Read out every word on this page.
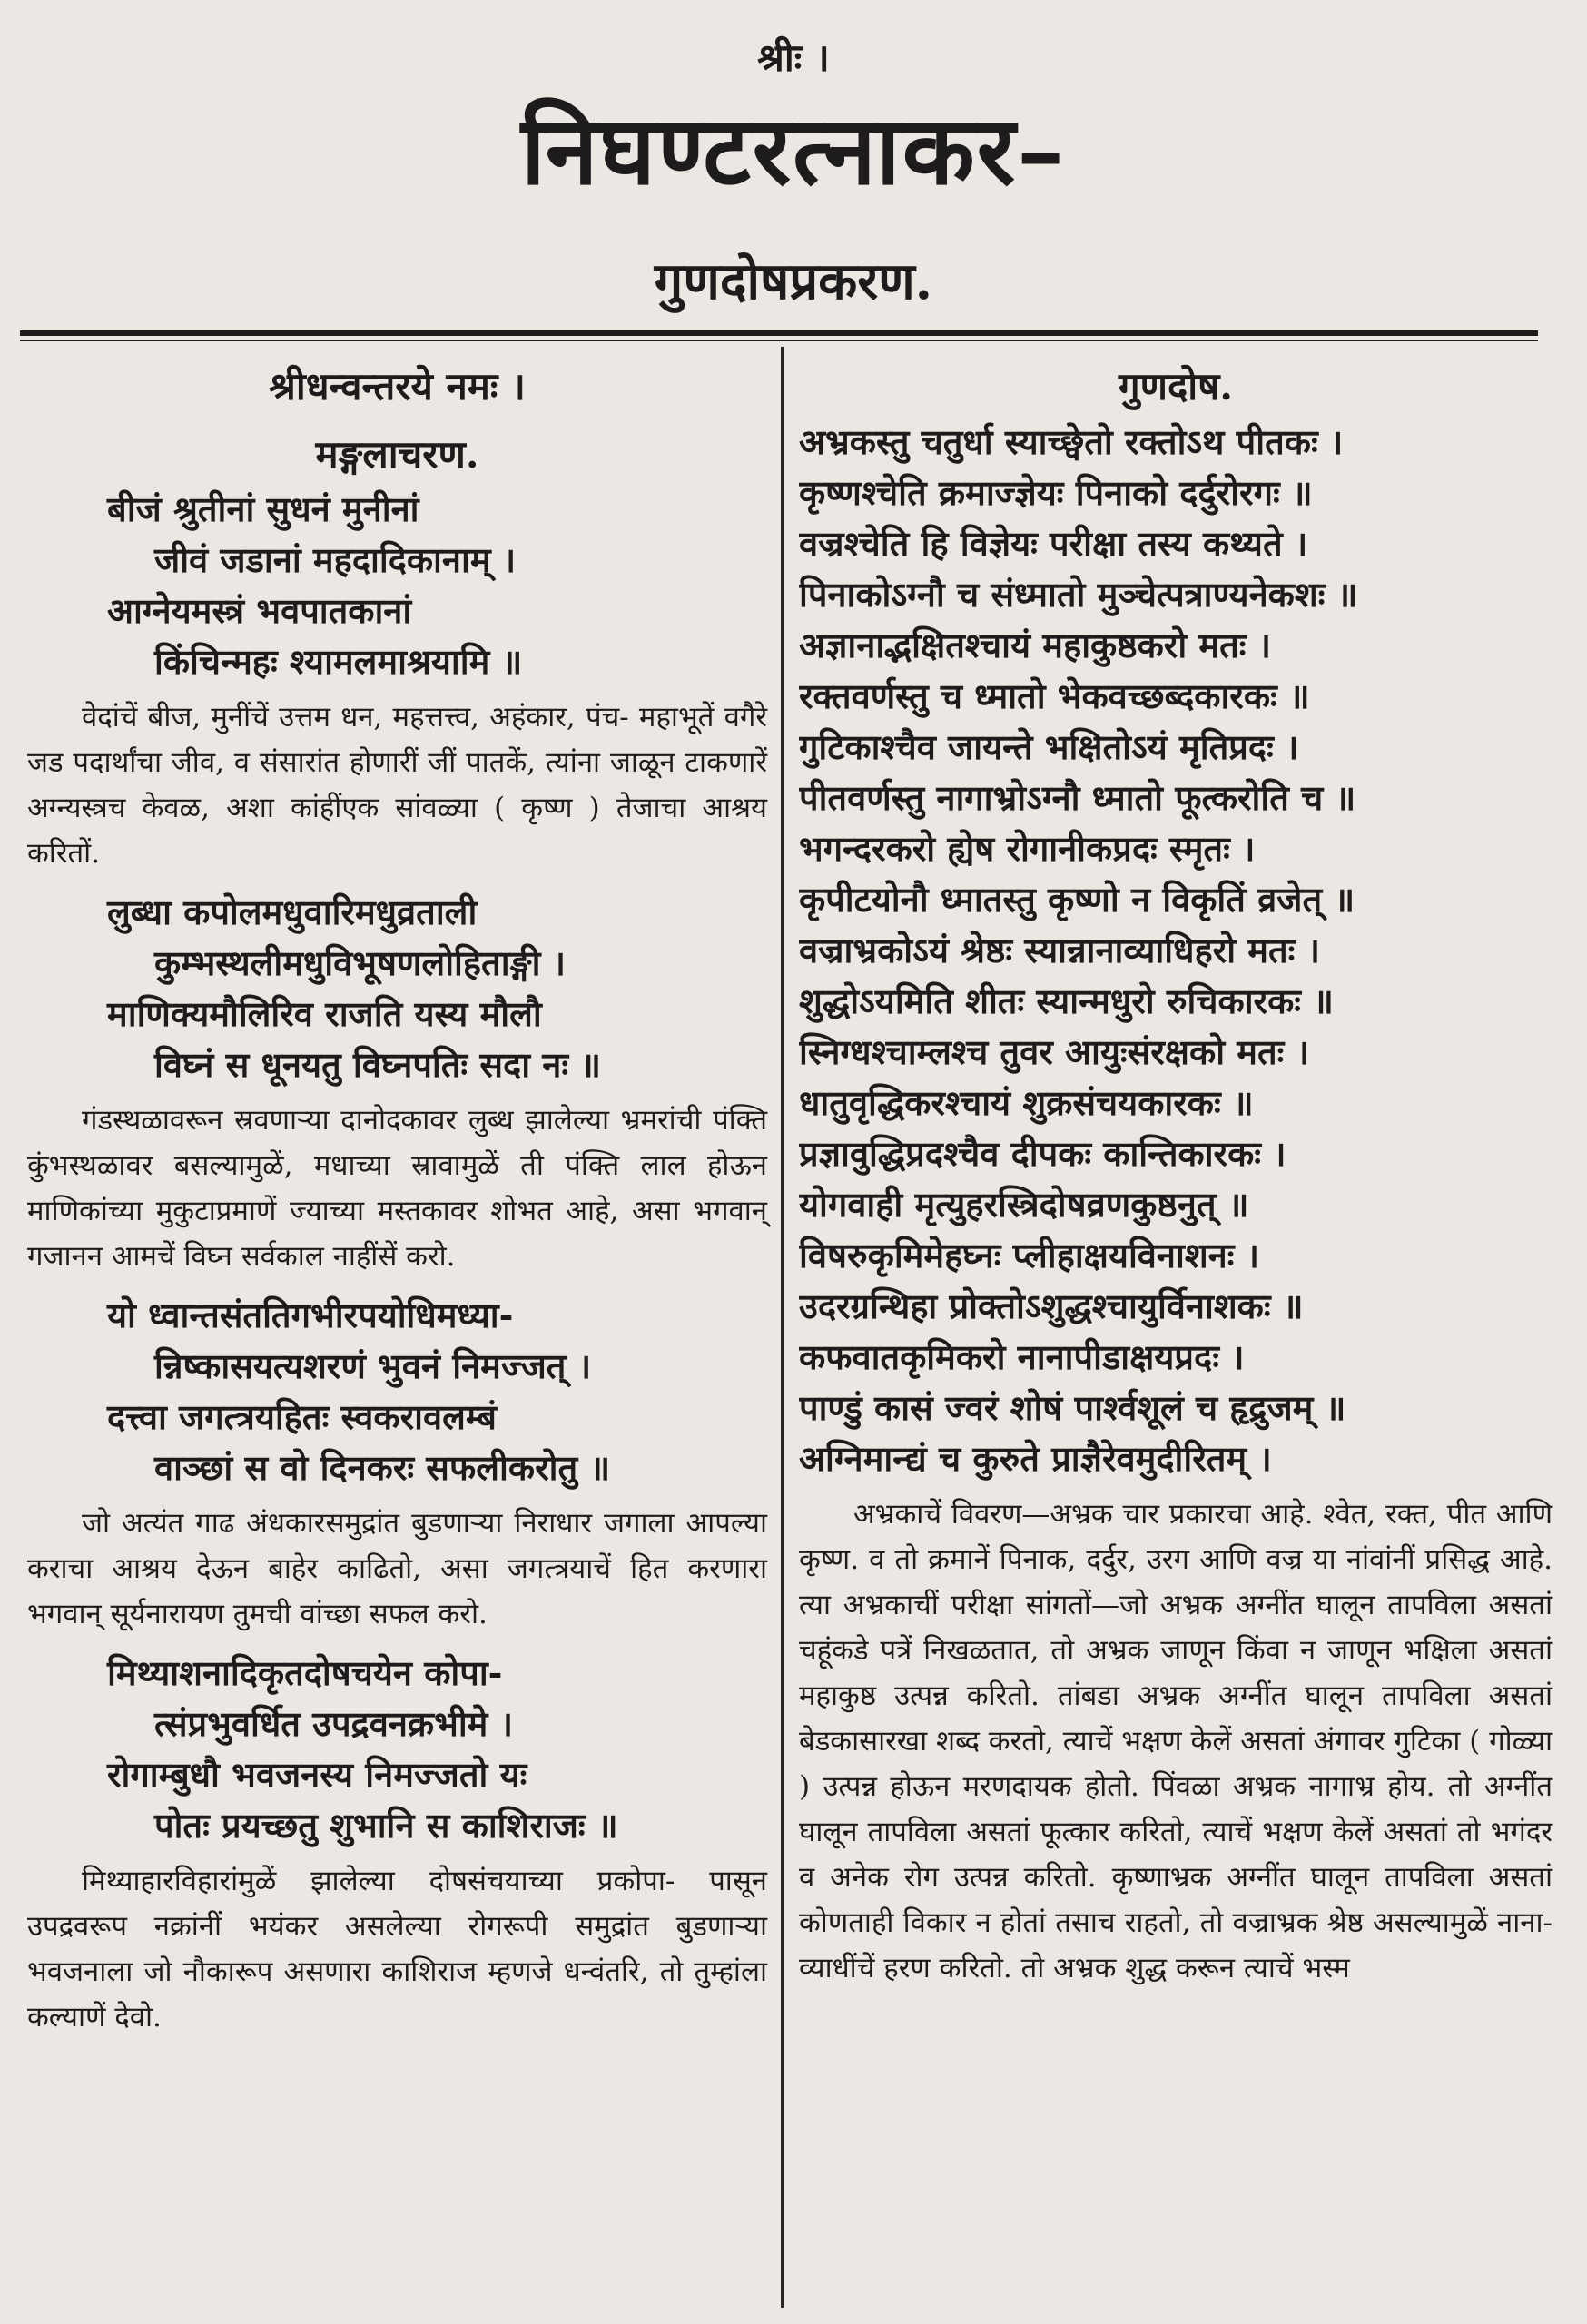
श्रीः ।
निघण्टरत्नाकर–
गुणदोषप्रकरण.
श्रीधन्वन्तरये नमः ।
मङ्गलाचरण.
बीजं श्रुतीनां सुधनं मुनीनां
जीवं जडानां महदादिकानाम् ।
आग्नेयमस्त्रं भवपातकानां
किंचिन्महः श्यामलमाश्रयामि ॥

वेदांचें बीज, मुनींचें उत्तम धन, महत्तत्त्व, अहंकार, पंच- महाभूतें वगैरे जड पदार्थांचा जीव, व संसारांत होणारीं जीं पातकें, त्यांना जाळून टाकणारें अग्न्यस्त्रच केवळ, अशा कांहींएक सांवळ्या ( कृष्ण ) तेजाचा आश्रय करितों.

लुब्धा कपोलमधुवारिमधुव्रताली
कुम्भस्थलीमधुविभूषणलोहिताङ्गी ।
माणिक्यमौलिरिव राजति यस्य मौलौ
विघ्नं स धूनयतु विघ्नपतिः सदा नः ॥

गंडस्थळावरून स्रवणाऱ्या दानोदकावर लुब्ध झालेल्या भ्रमरांची पंक्ति कुंभस्थळावर बसल्यामुळें, मधाच्या स्रावामुळें ती पंक्ति लाल होऊन माणिकांच्या मुकुटाप्रमाणें ज्याच्या मस्तकावर शोभत आहे, असा भगवान् गजानन आमचें विघ्न सर्वकाल नाहींसें करो.

यो ध्वान्तसंततिगभीरपयोधिमध्या-
न्निष्कासयत्यशरणं भुवनं निमज्जत् ।
दत्त्वा जगत्त्रयहितः स्वकरावलम्बं
वाञ्छां स वो दिनकरः सफलीकरोतु ॥

जो अत्यंत गाढ अंधकारसमुद्रांत बुडणाऱ्या निराधार जगाला आपल्या कराचा आश्रय देऊन बाहेर काढितो, असा जगत्त्रयाचें हित करणारा भगवान् सूर्यनारायण तुमची वांच्छा सफल करो.

मिथ्याशनादिकृतदोषचयेन कोपा-
त्संप्रभुवर्धित उपद्रवनक्रभीमे ।
रोगाम्बुधौ भवजनस्य निमज्जतो यः
पोतः प्रयच्छतु शुभानि स काशिराजः ॥

मिथ्याहारविहारांमुळें झालेल्या दोषसंचयाच्या प्रकोपा- पासून उपद्रवरूप नक्रांनीं भयंकर असलेल्या रोगरूपी समुद्रांत बुडणाऱ्या भवजनाला जो नौकारूप असणारा काशिराज म्हणजे धन्वंतरि, तो तुम्हांला कल्याणें देवो.

गुणदोष.
अभ्रकस्तु चतुर्धा स्याच्छ्वेतो रक्तोऽथ पीतकः ।
कृष्णश्चेति क्रमाज्ज्ञेयः पिनाको दर्दुरोरगः ॥
वज्रश्चेति हि विज्ञेयः परीक्षा तस्य कथ्यते ।
पिनाकोऽग्नौ च संध्मातो मुञ्चेत्पत्राण्यनेकशः ॥
अज्ञानाद्भक्षितश्चायं महाकुष्ठकरो मतः ।
रक्तवर्णस्तु च ध्मातो भेकवच्छब्दकारकः ॥
गुटिकाश्चैव जायन्ते भक्षितोऽयं मृतिप्रदः ।
पीतवर्णस्तु नागाभ्रोऽग्नौ ध्मातो फूत्करोति च ॥
भगन्दरकरो ह्येष रोगानीकप्रदः स्मृतः ।
कृपीटयोनौ ध्मातस्तु कृष्णो न विकृतिं व्रजेत् ॥
वज्राभ्रकोऽयं श्रेष्ठः स्यान्नानाव्याधिहरो मतः ।
शुद्धोऽयमिति शीतः स्यान्मधुरो रुचिकारकः ॥
स्निग्धश्चाम्लश्च तुवर आयुःसंरक्षको मतः ।
धातुवृद्धिकरश्चायं शुक्रसंचयकारकः ॥
प्रज्ञावुद्धिप्रदश्चैव दीपकः कान्तिकारकः ।
योगवाही मृत्युहरस्त्रिदोषव्रणकुष्ठनुत् ॥
विषरुकृमिमेहघ्नः प्लीहाक्षयविनाशनः ।
उदरग्रन्थिहा प्रोक्तोऽशुद्धश्चायुर्विनाशकः ॥
कफवातकृमिकरो नानापीडाक्षयप्रदः ।
पाण्डुं कासं ज्वरं शोषं पार्श्वशूलं च हृद्रुजम् ॥
अग्निमान्द्यं च कुरुते प्राज्ञैरेवमुदीरितम् ।

अभ्रकाचें विवरण—अभ्रक चार प्रकारचा आहे. श्वेत, रक्त, पीत आणि कृष्ण. व तो क्रमानें पिनाक, दर्दुर, उरग आणि वज्र या नांवांनीं प्रसिद्ध आहे. त्या अभ्रकाचीं परीक्षा सांगतों—जो अभ्रक अग्नींत घालून तापविला असतां चहूंकडे पत्रें निखळतात, तो अभ्रक जाणून किंवा न जाणून भक्षिला असतां महाकुष्ठ उत्पन्न करितो. तांबडा अभ्रक अग्नींत घालून तापविला असतां बेडकासारखा शब्द करतो, त्याचें भक्षण केलें असतां अंगावर गुटिका ( गोळ्या ) उत्पन्न होऊन मरणदायक होतो. पिंवळा अभ्रक नागाभ्र होय. तो अग्नींत घालून तापविला असतां फूत्कार करितो, त्याचें भक्षण केलें असतां तो भगंदर व अनेक रोग उत्पन्न करितो. कृष्णाभ्रक अग्नींत घालून तापविला असतां कोणताही विकार न होतां तसाच राहतो, तो वज्राभ्रक श्रेष्ठ असल्यामुळें नाना- व्याधींचें हरण करितो. तो अभ्रक शुद्ध करून त्याचें भस्म
